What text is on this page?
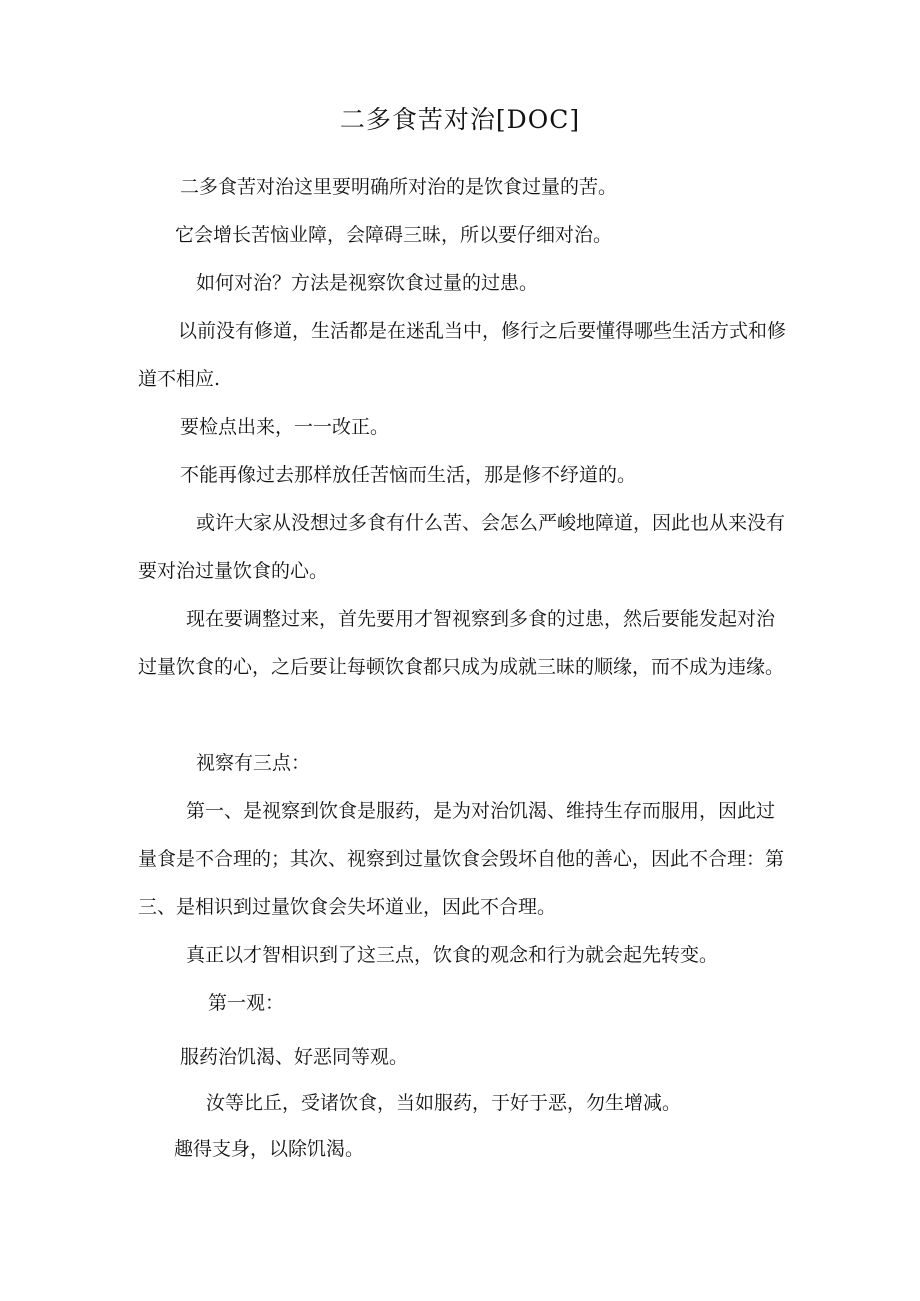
二多食苦对治[DOC]

二多食苦对治这里要明确所对治的是饮食过量的苦。

它会增长苦恼业障，会障碍三昧，所以要仔细对治。

如何对治？方法是视察饮食过量的过患。

以前没有修道，生活都是在迷乱当中，修行之后要懂得哪些生活方式和修道不相应.

要检点出来，一一改正。

不能再像过去那样放任苦恼而生活，那是修不纾道的。

或许大家从没想过多食有什么苦、会怎么严峻地障道，因此也从来没有要对治过量饮食的心。

现在要调整过来，首先要用才智视察到多食的过患，然后要能发起对治过量饮食的心，之后要让每顿饮食都只成为成就三昧的顺缘，而不成为违缘。

视察有三点：

第一、是视察到饮食是服药，是为对治饥渴、维持生存而服用，因此过量食是不合理的；其次、视察到过量饮食会毁坏自他的善心，因此不合理：第三、是相识到过量饮食会失坏道业，因此不合理。

真正以才智相识到了这三点，饮食的观念和行为就会起先转变。

第一观：

服药治饥渴、好恶同等观。

汝等比丘，受诸饮食，当如服药，于好于恶，勿生增减。

趣得支身，以除饥渴。
